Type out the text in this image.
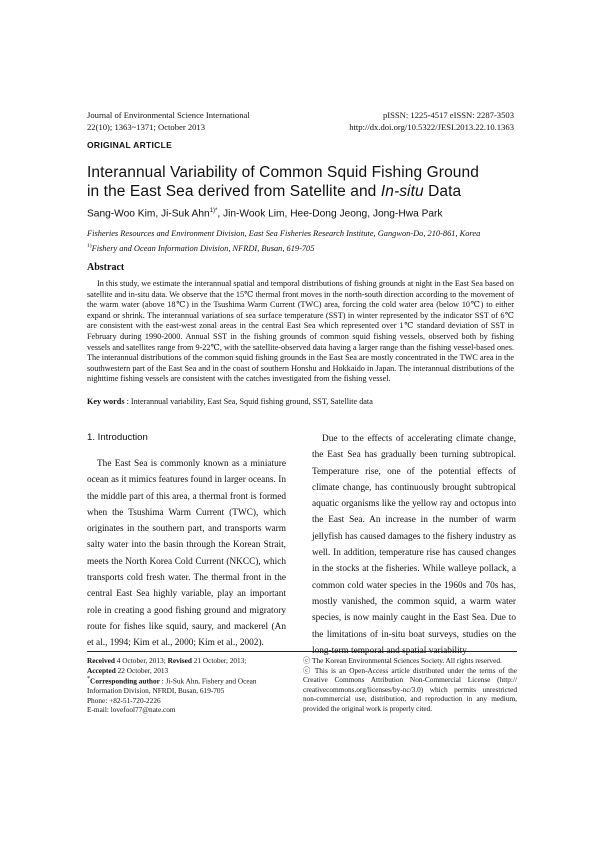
Journal of Environmental Science International
22(10); 1363~1371; October 2013
pISSN: 1225-4517 eISSN: 2287-3503
http://dx.doi.org/10.5322/JESI.2013.22.10.1363
ORIGINAL ARTICLE
Interannual Variability of Common Squid Fishing Ground
in the East Sea derived from Satellite and In-situ Data
Sang-Woo Kim, Ji-Suk Ahn$^{1)*}$, Jin-Wook Lim, Hee-Dong Jeong, Jong-Hwa Park
Fisheries Resources and Environment Division, East Sea Fisheries Research Institute, Gangwon-Do, 210-861, Korea
$^{1)}$Fishery and Ocean Information Division, NFRDI, Busan, 619-705
Abstract
In this study, we estimate the interannual spatial and temporal distributions of fishing grounds at night in the East Sea based on satellite and in-situ data. We observe that the 15℃ thermal front moves in the north-south direction according to the movement of the warm water (above 18℃) in the Tsushima Warm Current (TWC) area, forcing the cold water area (below 10℃) to either expand or shrink. The interannual variations of sea surface temperature (SST) in winter represented by the indicator SST of 6℃ are consistent with the east-west zonal areas in the central East Sea which represented over 1℃ standard deviation of SST in February during 1990-2000. Annual SST in the fishing grounds of common squid fishing vessels, observed both by fishing vessels and satellites range from 9-22℃, with the satellite-observed data having a larger range than the fishing vessel-based ones. The interannual distributions of the common squid fishing grounds in the East Sea are mostly concentrated in the TWC area in the southwestern part of the East Sea and in the coast of southern Honshu and Hokkaido in Japan. The interannual distributions of the nighttime fishing vessels are consistent with the catches investigated from the fishing vessel.
Key words : Interannual variability, East Sea, Squid fishing ground, SST, Satellite data
1. Introduction
The East Sea is commonly known as a miniature ocean as it mimics features found in larger oceans. In the middle part of this area, a thermal front is formed when the Tsushima Warm Current (TWC), which originates in the southern part, and transports warm salty water into the basin through the Korean Strait, meets the North Korea Cold Current (NKCC), which transports cold fresh water. The thermal front in the central East Sea highly variable, play an important role in creating a good fishing ground and migratory route for fishes like squid, saury, and mackerel (An et al., 1994; Kim et al., 2000; Kim et al., 2002).
Due to the effects of accelerating climate change, the East Sea has gradually been turning subtropical. Temperature rise, one of the potential effects of climate change, has continuously brought subtropical aquatic organisms like the yellow ray and octopus into the East Sea. An increase in the number of warm jellyfish has caused damages to the fishery industry as well. In addition, temperature rise has caused changes in the stocks at the fisheries. While walleye pollack, a common cold water species in the 1960s and 70s has, mostly vanished, the common squid, a warm water species, is now mainly caught in the East Sea. Due to the limitations of in-situ boat surveys, studies on the long-term temporal and spatial variability
Received 4 October, 2013; Revised 21 October, 2013;
Accepted 22 October, 2013
*Corresponding author : Ji-Suk Ahn, Fishery and Ocean Information Division, NFRDI, Busan, 619-705
Phone: +82-51-720-2226
E-mail: lovefool77@nate.com
ⓒ The Korean Environmental Sciences Society. All rights reserved.
ⓒ This is an Open-Access article distributed under the terms of the Creative Commons Attribution Non-Commercial License (http:// creativecommons.org/licenses/by-nc/3.0) which permits unrestricted non-commercial use, distribution, and reproduction in any medium, provided the original work is properly cited.
